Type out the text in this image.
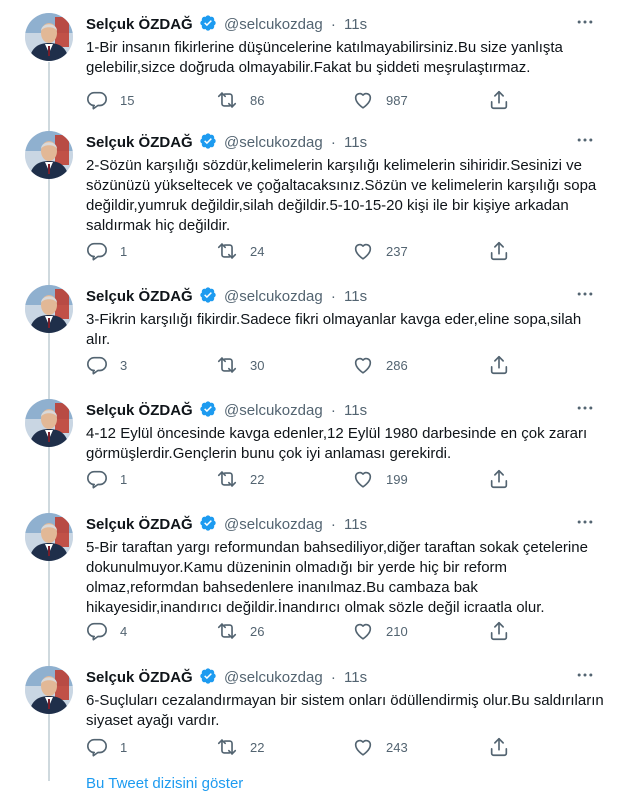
Selçuk ÖZDAĞ @selcukozdag · 11s
1-Bir insanın fikirlerine düşüncelerine katılmayabilirsiniz.Bu size yanlışta gelebilir,sizce doğruda olmayabilir.Fakat bu şiddeti meşrulaştırmaz.
15	86	987
Selçuk ÖZDAĞ @selcukozdag · 11s
2-Sözün karşılığı sözdür,kelimelerin karşılığı kelimelerin sihiridir.Sesinizi ve sözünüzü yükseltecek ve çoğaltacaksınız.Sözün ve kelimelerin karşılığı sopa değildir,yumruk değildir,silah değildir.5-10-15-20 kişi ile bir kişiye arkadan saldırmak hiç değildir.
1	24	237
Selçuk ÖZDAĞ @selcukozdag · 11s
3-Fikrin karşılığı fikirdir.Sadece fikri olmayanlar kavga eder,eline sopa,silah alır.
3	30	286
Selçuk ÖZDAĞ @selcukozdag · 11s
4-12 Eylül öncesinde kavga edenler,12 Eylül 1980 darbesinde en çok zararı görmüşlerdir.Gençlerin bunu çok iyi anlaması gerekirdi.
1	22	199
Selçuk ÖZDAĞ @selcukozdag · 11s
5-Bir taraftan yargı reformundan bahsediliyor,diğer taraftan sokak çetelerine dokunulmuyor.Kamu düzeninin olmadığı bir yerde hiç bir reform olmaz,reformdan bahsedenlere inanılmaz.Bu cambaza bak hikayesidir,inandırıcı değildir.İnandırıcı olmak sözle değil icraatla olur.
4	26	210
Selçuk ÖZDAĞ @selcukozdag · 11s
6-Suçluları cezalandırmayan bir sistem onları ödüllendirmiş olur.Bu saldırıların siyaset ayağı vardır.
1	22	243
Bu Tweet dizisini göster
